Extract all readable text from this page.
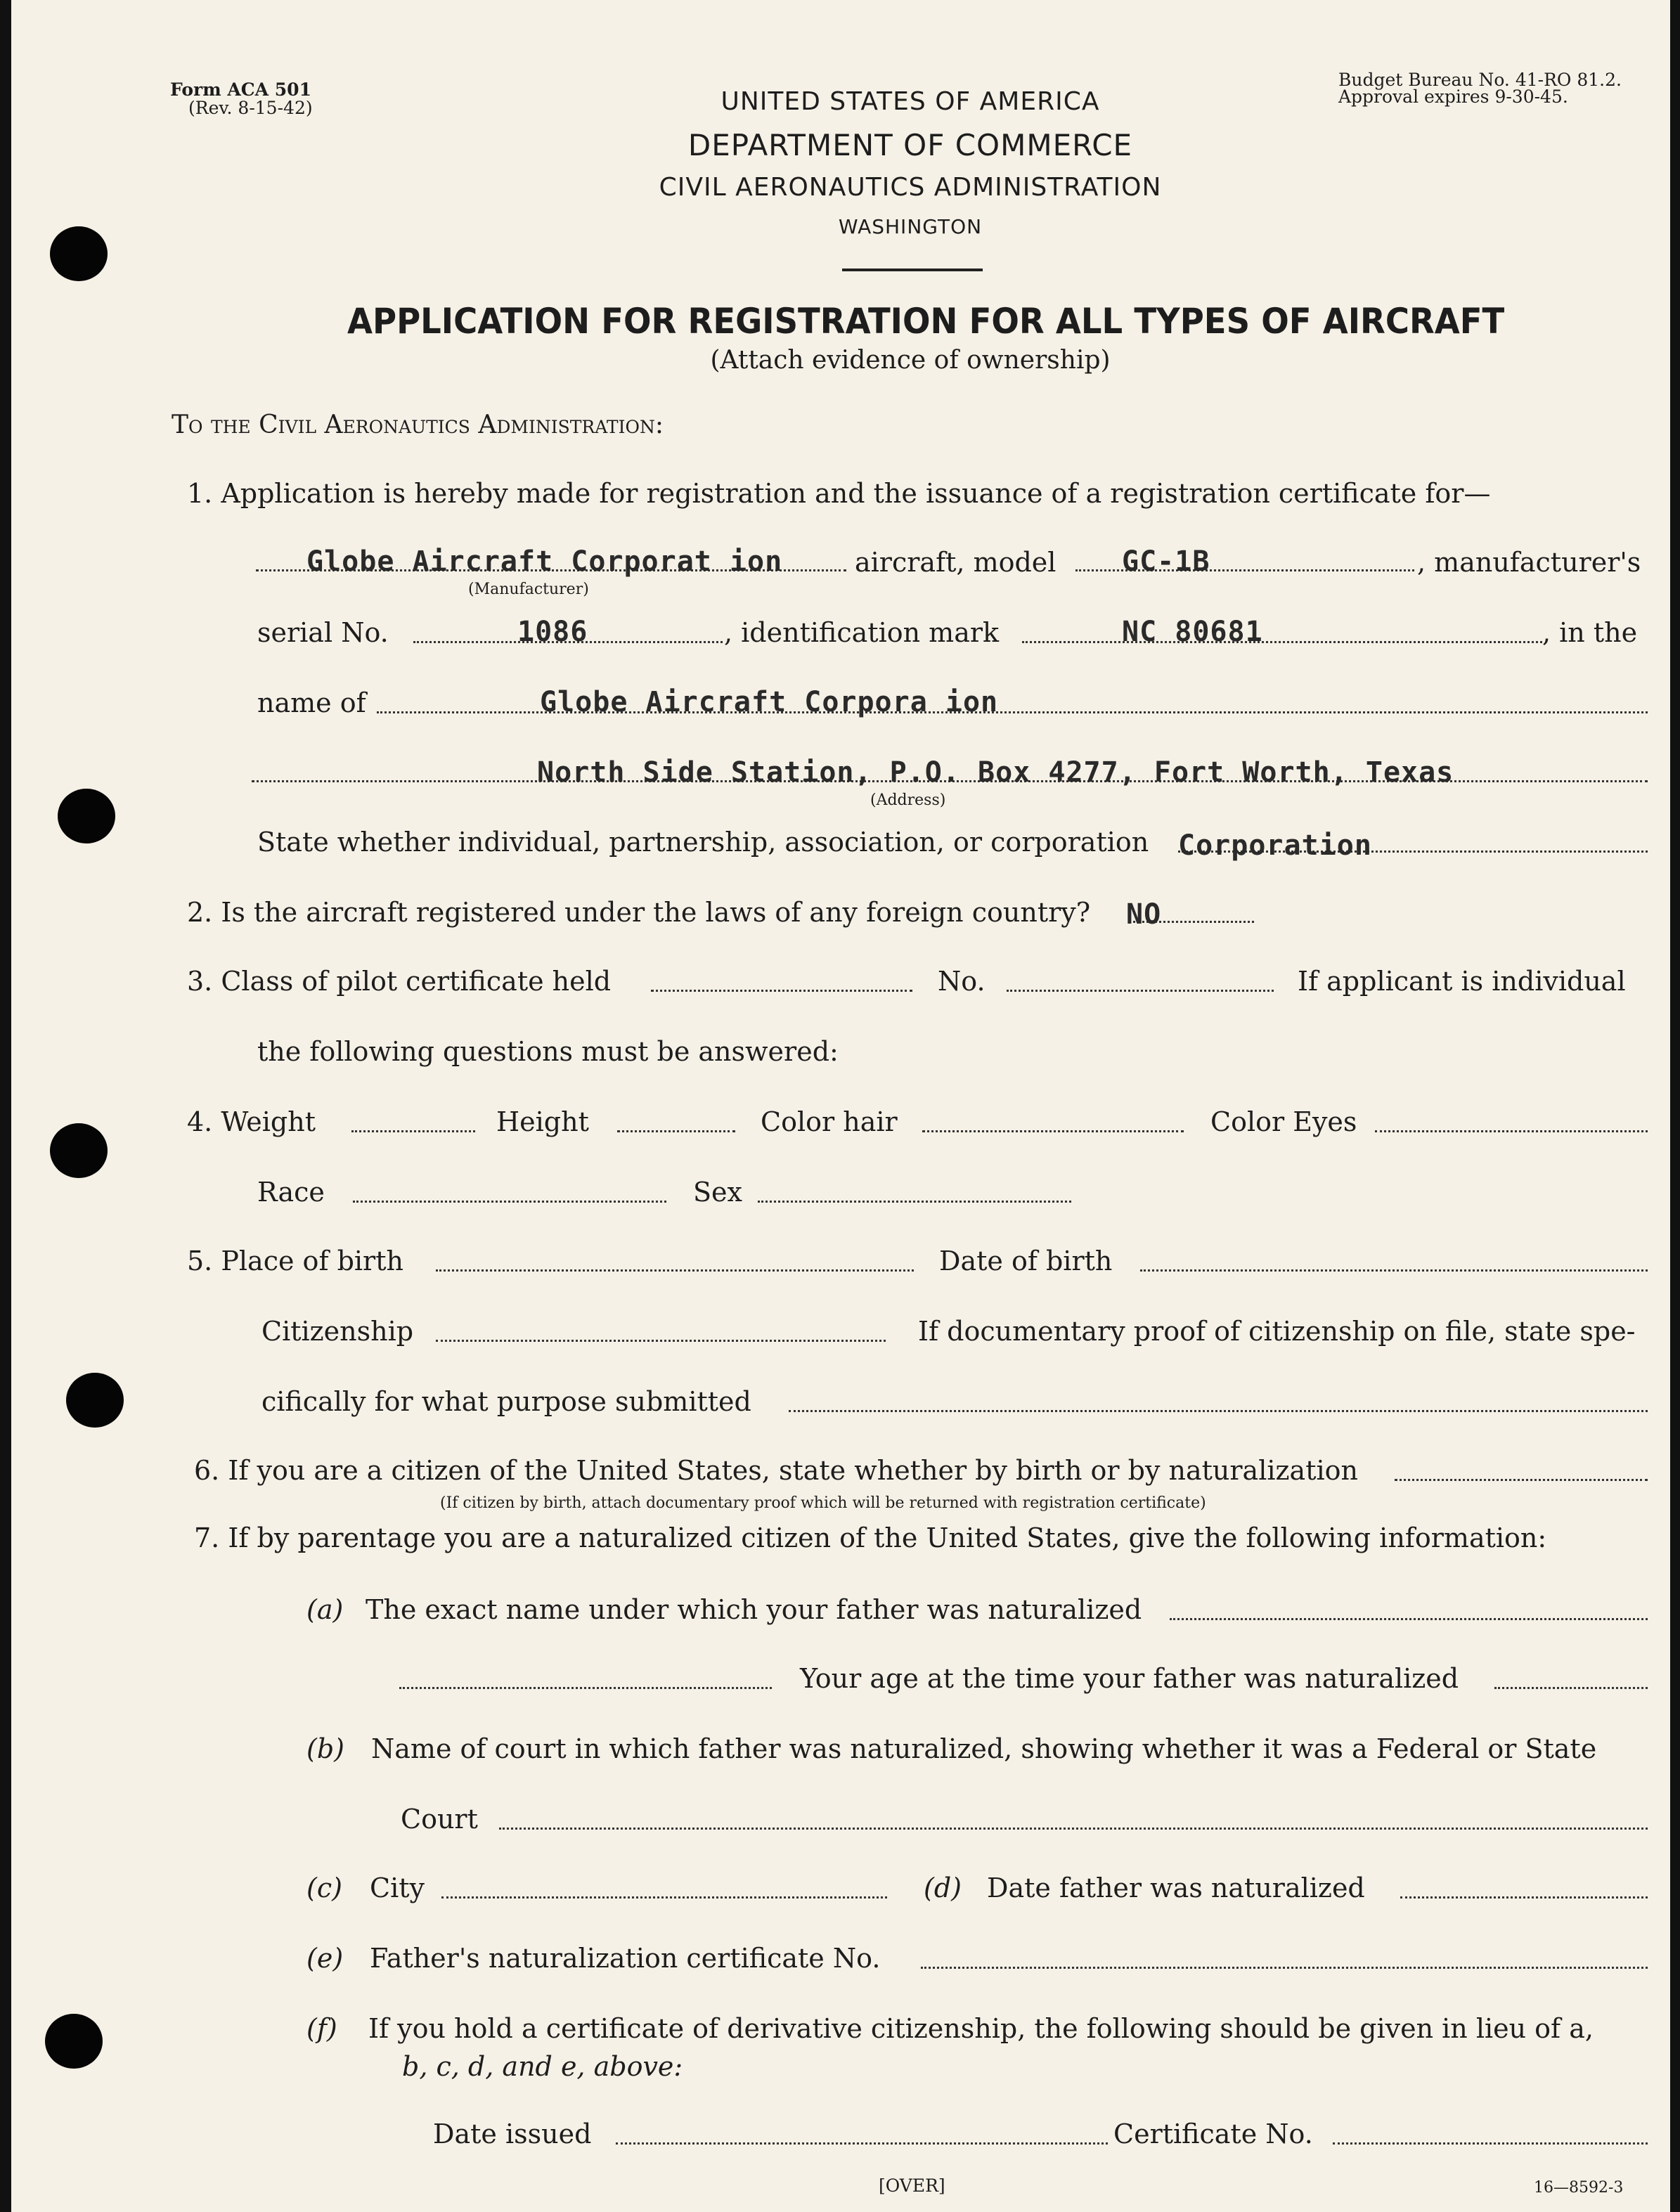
Form ACA 501
(Rev. 8-15-42)
Budget Bureau No. 41-RO 81.2.
Approval expires 9-30-45.
UNITED STATES OF AMERICA
DEPARTMENT OF COMMERCE
CIVIL AERONAUTICS ADMINISTRATION
WASHINGTON
APPLICATION FOR REGISTRATION FOR ALL TYPES OF AIRCRAFT
(Attach evidence of ownership)
To the Civil Aeronautics Administration:
1. Application is hereby made for registration and the issuance of a registration certificate for—
Globe Aircraft Corporat ion
(Manufacturer)
aircraft, model GC-1B	, manufacturer's
serial No.	1086	, identification mark	NC 80681	, in the
name of	Globe Aircraft Corpora ion
North Side Station, P.O. Box 4277, Fort Worth, Texas
(Address)
State whether individual, partnership, association, or corporation Corporation
2. Is the aircraft registered under the laws of any foreign country? NO
3. Class of pilot certificate held	No.	If applicant is individual
the following questions must be answered:
4. Weight	Height	Color hair	Color Eyes
Race	Sex
5. Place of birth	Date of birth
Citizenship	If documentary proof of citizenship on file, state spe-
cifically for what purpose submitted
6. If you are a citizen of the United States, state whether by birth or by naturalization
(If citizen by birth, attach documentary proof which will be returned with registration certificate)
7. If by parentage you are a naturalized citizen of the United States, give the following information:
(a) The exact name under which your father was naturalized
Your age at the time your father was naturalized
(b) Name of court in which father was naturalized, showing whether it was a Federal or State
Court
(c) City	(d) Date father was naturalized
(e) Father's naturalization certificate No.
(f) If you hold a certificate of derivative citizenship, the following should be given in lieu of a,
b, c, d, and e, above:
Date issued	Certificate No.
[OVER]	16—8592-3
